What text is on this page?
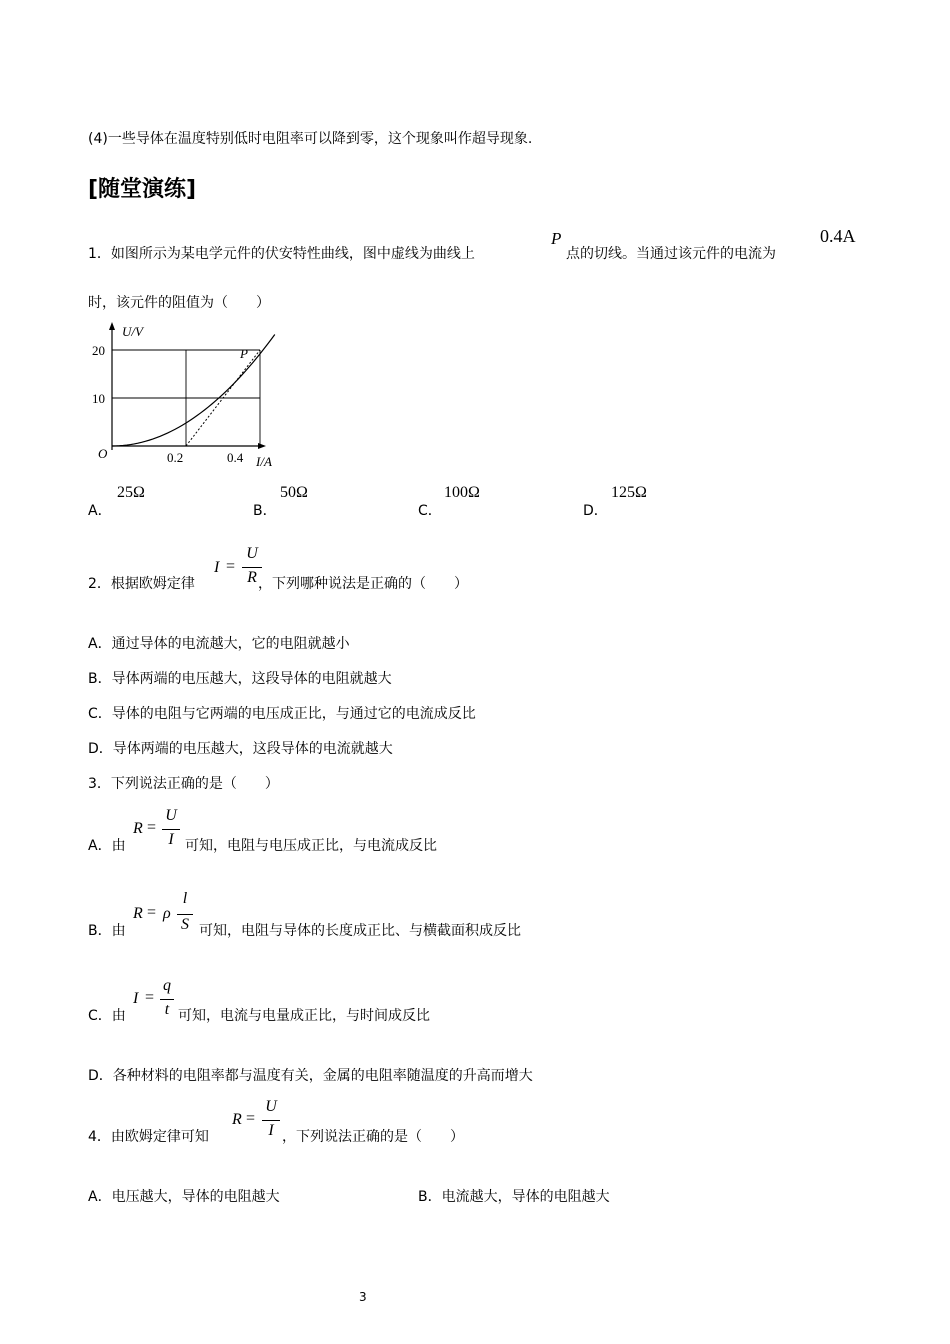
(4)一些导体在温度特别低时电阻率可以降到零，这个现象叫作超导现象.
[随堂演练]
1．如图所示为某电学元件的伏安特性曲线，图中虚线为曲线上
P
点的切线。当通过该元件的电流为
0.4A
时，该元件的阻值为（　　）
U/V
I/A
O
P
20
10
0.2	0.4
A．
25Ω
B．
50Ω
C．
100Ω
D．
125Ω
2．根据欧姆定律
I =
U
R ，下列哪种说法是正确的（　　）
A．通过导体的电流越大，它的电阻就越小
B．导体两端的电压越大，这段导体的电阻就越大
C．导体的电阻与它两端的电压成正比，与通过它的电流成反比
D．导体两端的电压越大，这段导体的电流就越大
3．下列说法正确的是（　　）
A．由
R =
U
I 可知，电阻与电压成正比，与电流成反比
B．由
R = ρ
l
S 可知，电阻与导体的长度成正比、与横截面积成反比
C．由
I =
q
t 可知，电流与电量成正比，与时间成反比
D．各种材料的电阻率都与温度有关，金属的电阻率随温度的升高而增大
4．由欧姆定律可知
R =
U
I ，下列说法正确的是（　　）
A．电压越大，导体的电阻越大	B．电流越大，导体的电阻越大
3
